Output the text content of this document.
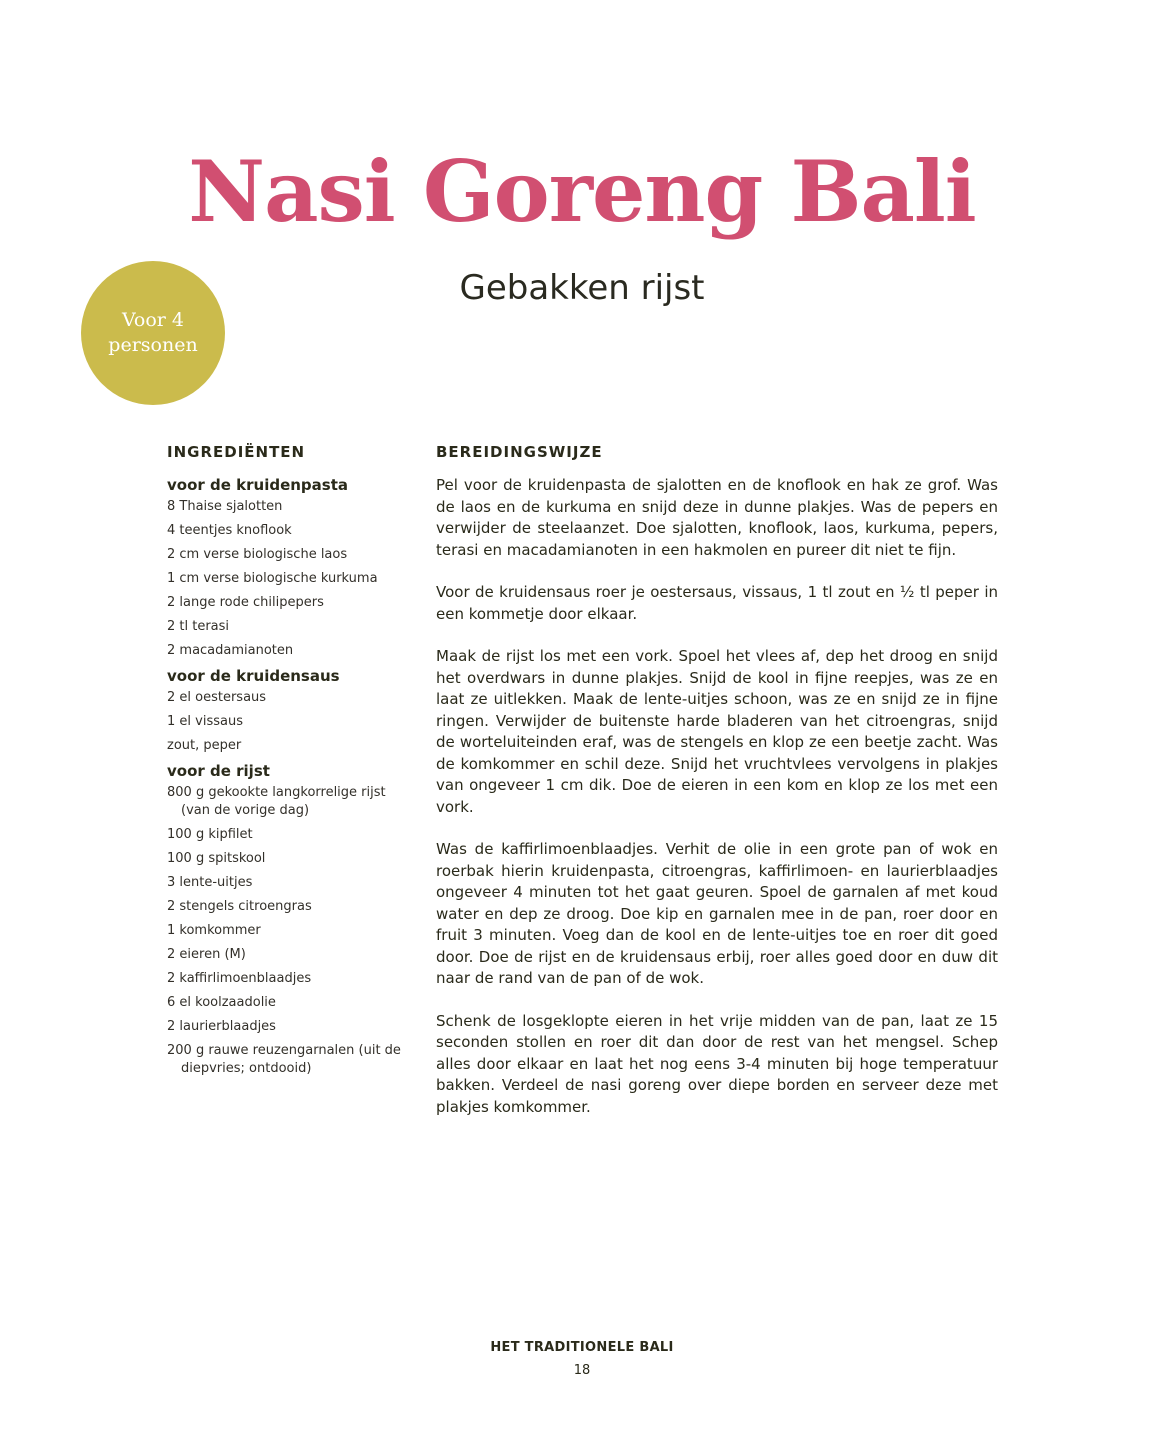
Nasi Goreng Bali
Gebakken rijst
Voor 4 personen
INGREDIËNTEN
voor de kruidenpasta
8 Thaise sjalotten
4 teentjes knoflook
2 cm verse biologische laos
1 cm verse biologische kurkuma
2 lange rode chilipepers
2 tl terasi
2 macadamianoten
voor de kruidensaus
2 el oestersaus
1 el vissaus
zout, peper
voor de rijst
800 g gekookte langkorrelige rijst (van de vorige dag)
100 g kipfilet
100 g spitskool
3 lente-uitjes
2 stengels citroengras
1 komkommer
2 eieren (M)
2 kaffirlimoenblaadjes
6 el koolzaadolie
2 laurierblaadjes
200 g rauwe reuzengarnalen (uit de diepvries; ontdooid)
BEREIDINGSWIJZE

Pel voor de kruidenpasta de sjalotten en de knoflook en hak ze grof. Was de laos en de kurkuma en snijd deze in dunne plakjes. Was de pepers en verwijder de steelaanzet. Doe sjalotten, knoflook, laos, kurkuma, pepers, terasi en macadamianoten in een hakmolen en pureer dit niet te fijn.

Voor de kruidensaus roer je oestersaus, vissaus, 1 tl zout en ½ tl peper in een kommetje door elkaar.

Maak de rijst los met een vork. Spoel het vlees af, dep het droog en snijd het overdwars in dunne plakjes. Snijd de kool in fijne reepjes, was ze en laat ze uitlekken. Maak de lente-uitjes schoon, was ze en snijd ze in fijne ringen. Verwijder de buitenste harde bladeren van het citroengras, snijd de worteluiteinden eraf, was de stengels en klop ze een beetje zacht. Was de komkommer en schil deze. Snijd het vruchtvlees vervolgens in plakjes van ongeveer 1 cm dik. Doe de eieren in een kom en klop ze los met een vork.

Was de kaffirlimoenblaadjes. Verhit de olie in een grote pan of wok en roerbak hierin kruidenpasta, citroengras, kaffirlimoen- en laurierblaadjes ongeveer 4 minuten tot het gaat geuren. Spoel de garnalen af met koud water en dep ze droog. Doe kip en garnalen mee in de pan, roer door en fruit 3 minuten. Voeg dan de kool en de lente-uitjes toe en roer dit goed door. Doe de rijst en de kruidensaus erbij, roer alles goed door en duw dit naar de rand van de pan of de wok.

Schenk de losgeklopte eieren in het vrije midden van de pan, laat ze 15 seconden stollen en roer dit dan door de rest van het mengsel. Schep alles door elkaar en laat het nog eens 3-4 minuten bij hoge temperatuur bakken. Verdeel de nasi goreng over diepe borden en serveer deze met plakjes komkommer.

HET TRADITIONELE BALI
18
